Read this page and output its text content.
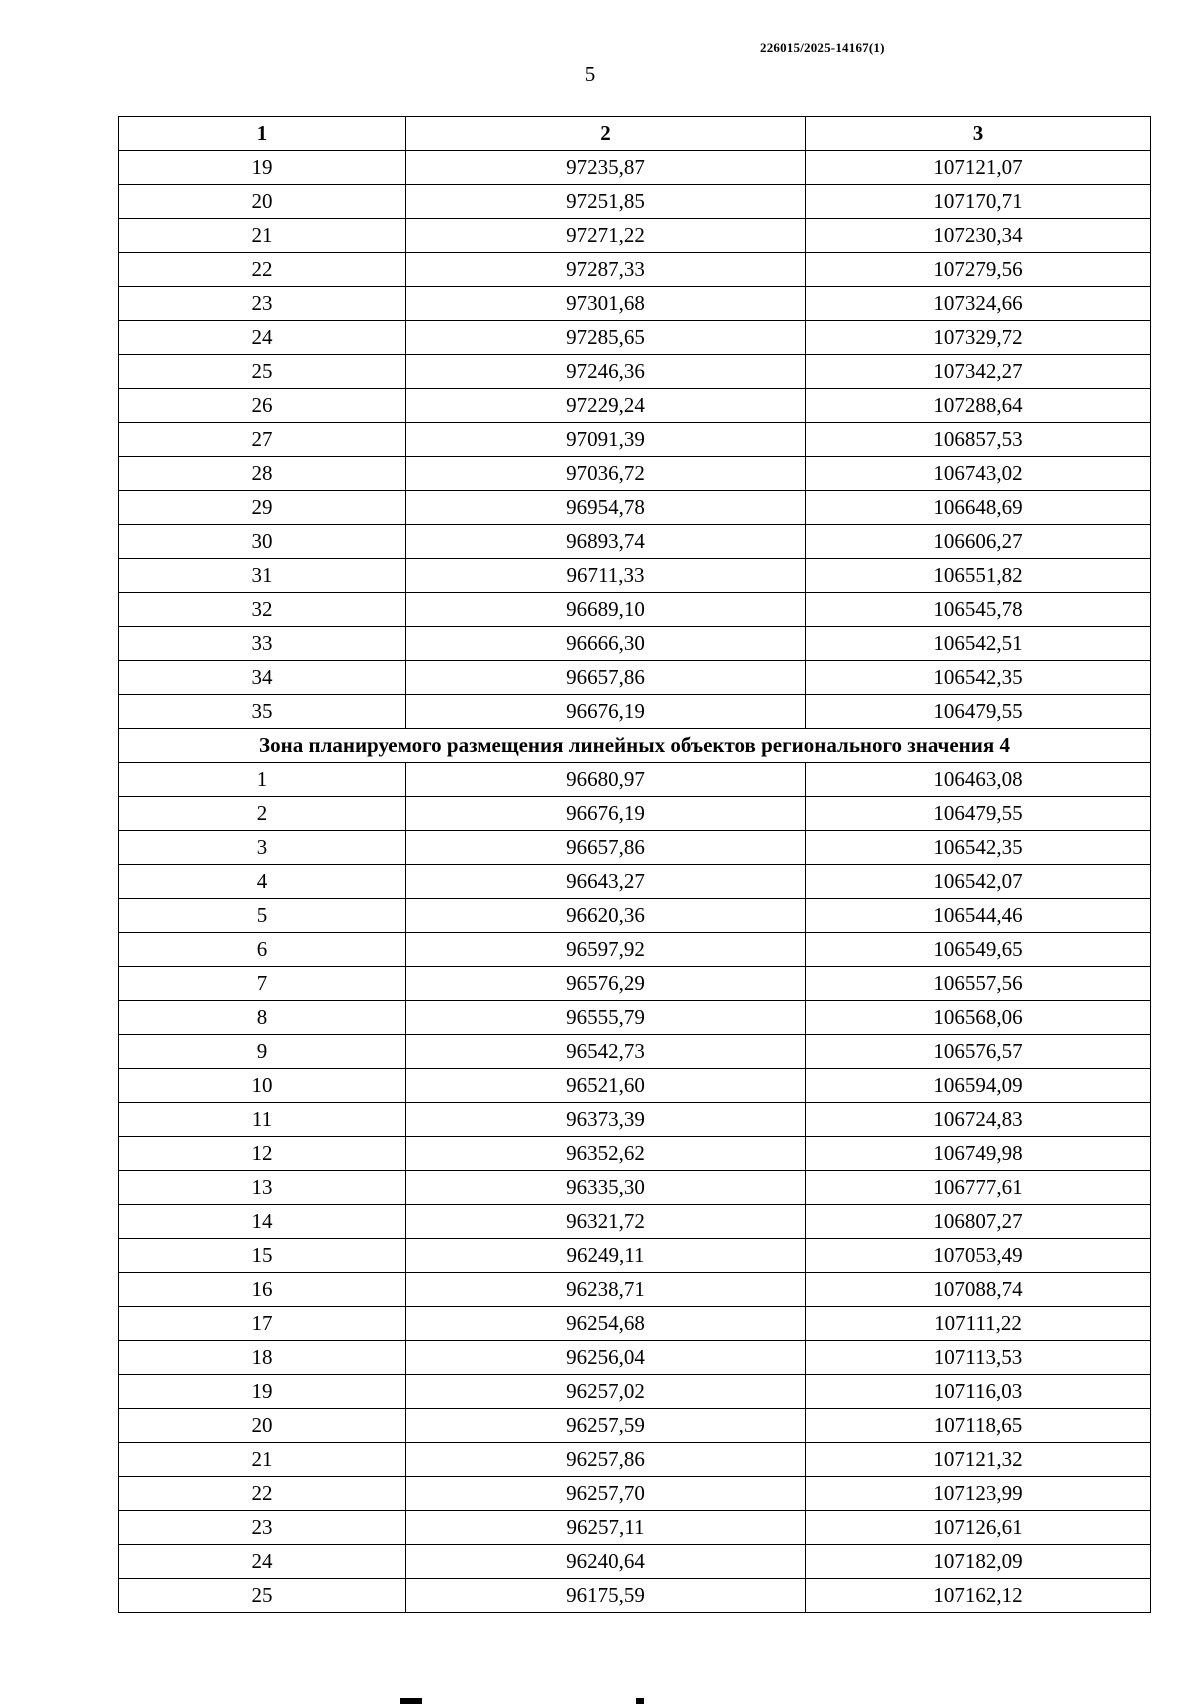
226015/2025-14167(1)
5
1	2	3
19	97235,87	107121,07
20	97251,85	107170,71
21	97271,22	107230,34
22	97287,33	107279,56
23	97301,68	107324,66
24	97285,65	107329,72
25	97246,36	107342,27
26	97229,24	107288,64
27	97091,39	106857,53
28	97036,72	106743,02
29	96954,78	106648,69
30	96893,74	106606,27
31	96711,33	106551,82
32	96689,10	106545,78
33	96666,30	106542,51
34	96657,86	106542,35
35	96676,19	106479,55
Зона планируемого размещения линейных объектов регионального значения 4		
1	96680,97	106463,08
2	96676,19	106479,55
3	96657,86	106542,35
4	96643,27	106542,07
5	96620,36	106544,46
6	96597,92	106549,65
7	96576,29	106557,56
8	96555,79	106568,06
9	96542,73	106576,57
10	96521,60	106594,09
11	96373,39	106724,83
12	96352,62	106749,98
13	96335,30	106777,61
14	96321,72	106807,27
15	96249,11	107053,49
16	96238,71	107088,74
17	96254,68	107111,22
18	96256,04	107113,53
19	96257,02	107116,03
20	96257,59	107118,65
21	96257,86	107121,32
22	96257,70	107123,99
23	96257,11	107126,61
24	96240,64	107182,09
25	96175,59	107162,12
